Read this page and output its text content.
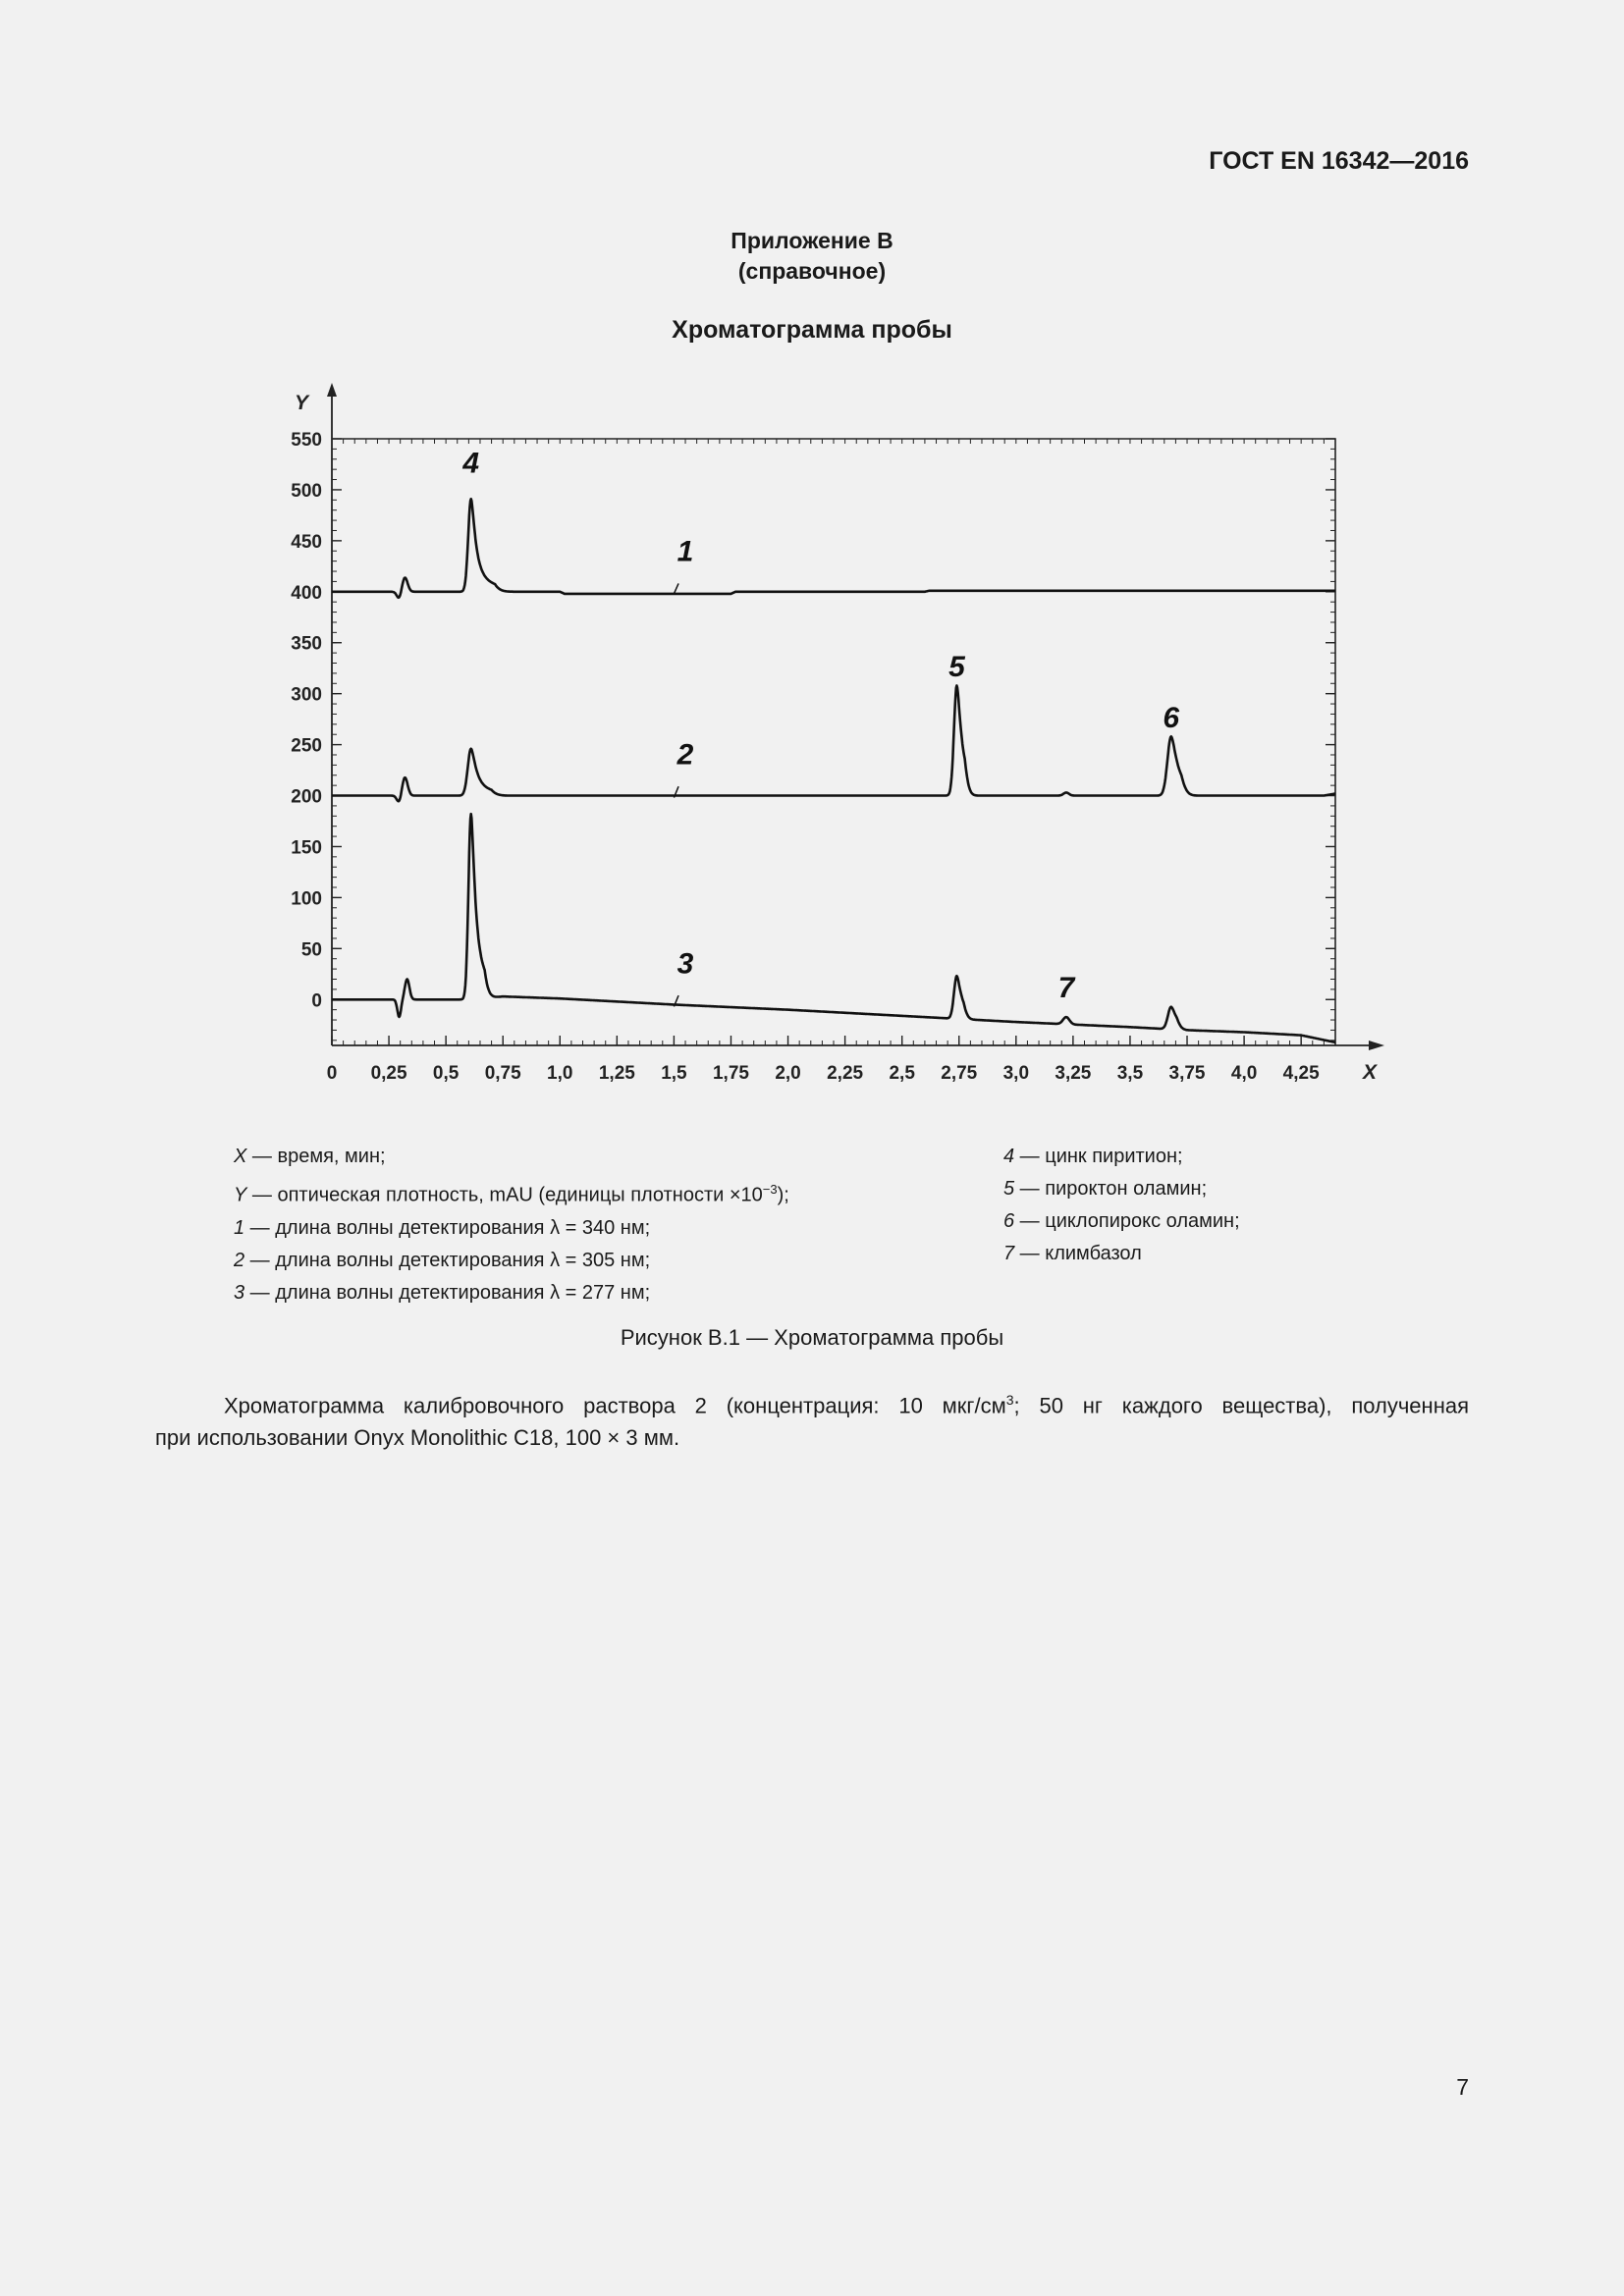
ГОСТ EN 16342—2016
Приложение В
(справочное)
Хроматограмма пробы
Y
X
0 0,25 0,5 0,75 1,0 1,25 1,5 1,75 2,0 2,25 2,5 2,75 3,0 3,25 3,5 3,75 4,0 4,25
0
50
100
150
200
250
300
350
400
450
500
550
1
2
3
4
5
6
7
X — время, мин;
Y — оптическая плотность, mAU (единицы плотности $\times 10^{-3}$);
1 — длина волны детектирования λ = 340 нм;
2 — длина волны детектирования λ = 305 нм;
3 — длина волны детектирования λ = 277 нм;
4 — цинк пиритион;
5 — пироктон оламин;
6 — циклопирокс оламин;
7 — климбазол
Рисунок В.1 — Хроматограмма пробы
Хроматограмма калибровочного раствора 2 (концентрация: 10 мкг/$см^3$; 50 нг каждого вещества), полученная
при использовании Onyx Monolithic C18, 100 × 3 мм.
7
